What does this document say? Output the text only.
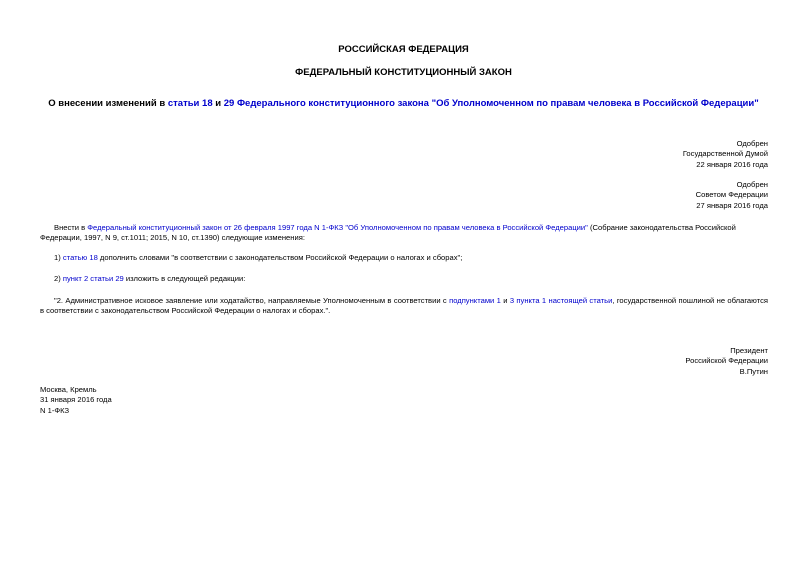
РОССИЙСКАЯ ФЕДЕРАЦИЯ
ФЕДЕРАЛЬНЫЙ КОНСТИТУЦИОННЫЙ ЗАКОН
О внесении изменений в статьи 18 и 29 Федерального конституционного закона "Об Уполномоченном по правам человека в Российской Федерации"
Одобрен
Государственной Думой
22 января 2016 года
Одобрен
Советом Федерации
27 января 2016 года
Внести в Федеральный конституционный закон от 26 февраля 1997 года N 1-ФКЗ "Об Уполномоченном по правам человека в Российской Федерации" (Собрание законодательства Российской Федерации, 1997, N 9, ст.1011; 2015, N 10, ст.1390) следующие изменения:
1) статью 18 дополнить словами "в соответствии с законодательством Российской Федерации о налогах и сборах";
2) пункт 2 статьи 29 изложить в следующей редакции:
"2. Административное исковое заявление или ходатайство, направляемые Уполномоченным в соответствии с подпунктами 1 и 3 пункта 1 настоящей статьи, государственной пошлиной не облагаются в соответствии с законодательством Российской Федерации о налогах и сборах.".
Президент
Российской Федерации
В.Путин
Москва, Кремль
31 января 2016 года
N 1-ФКЗ
